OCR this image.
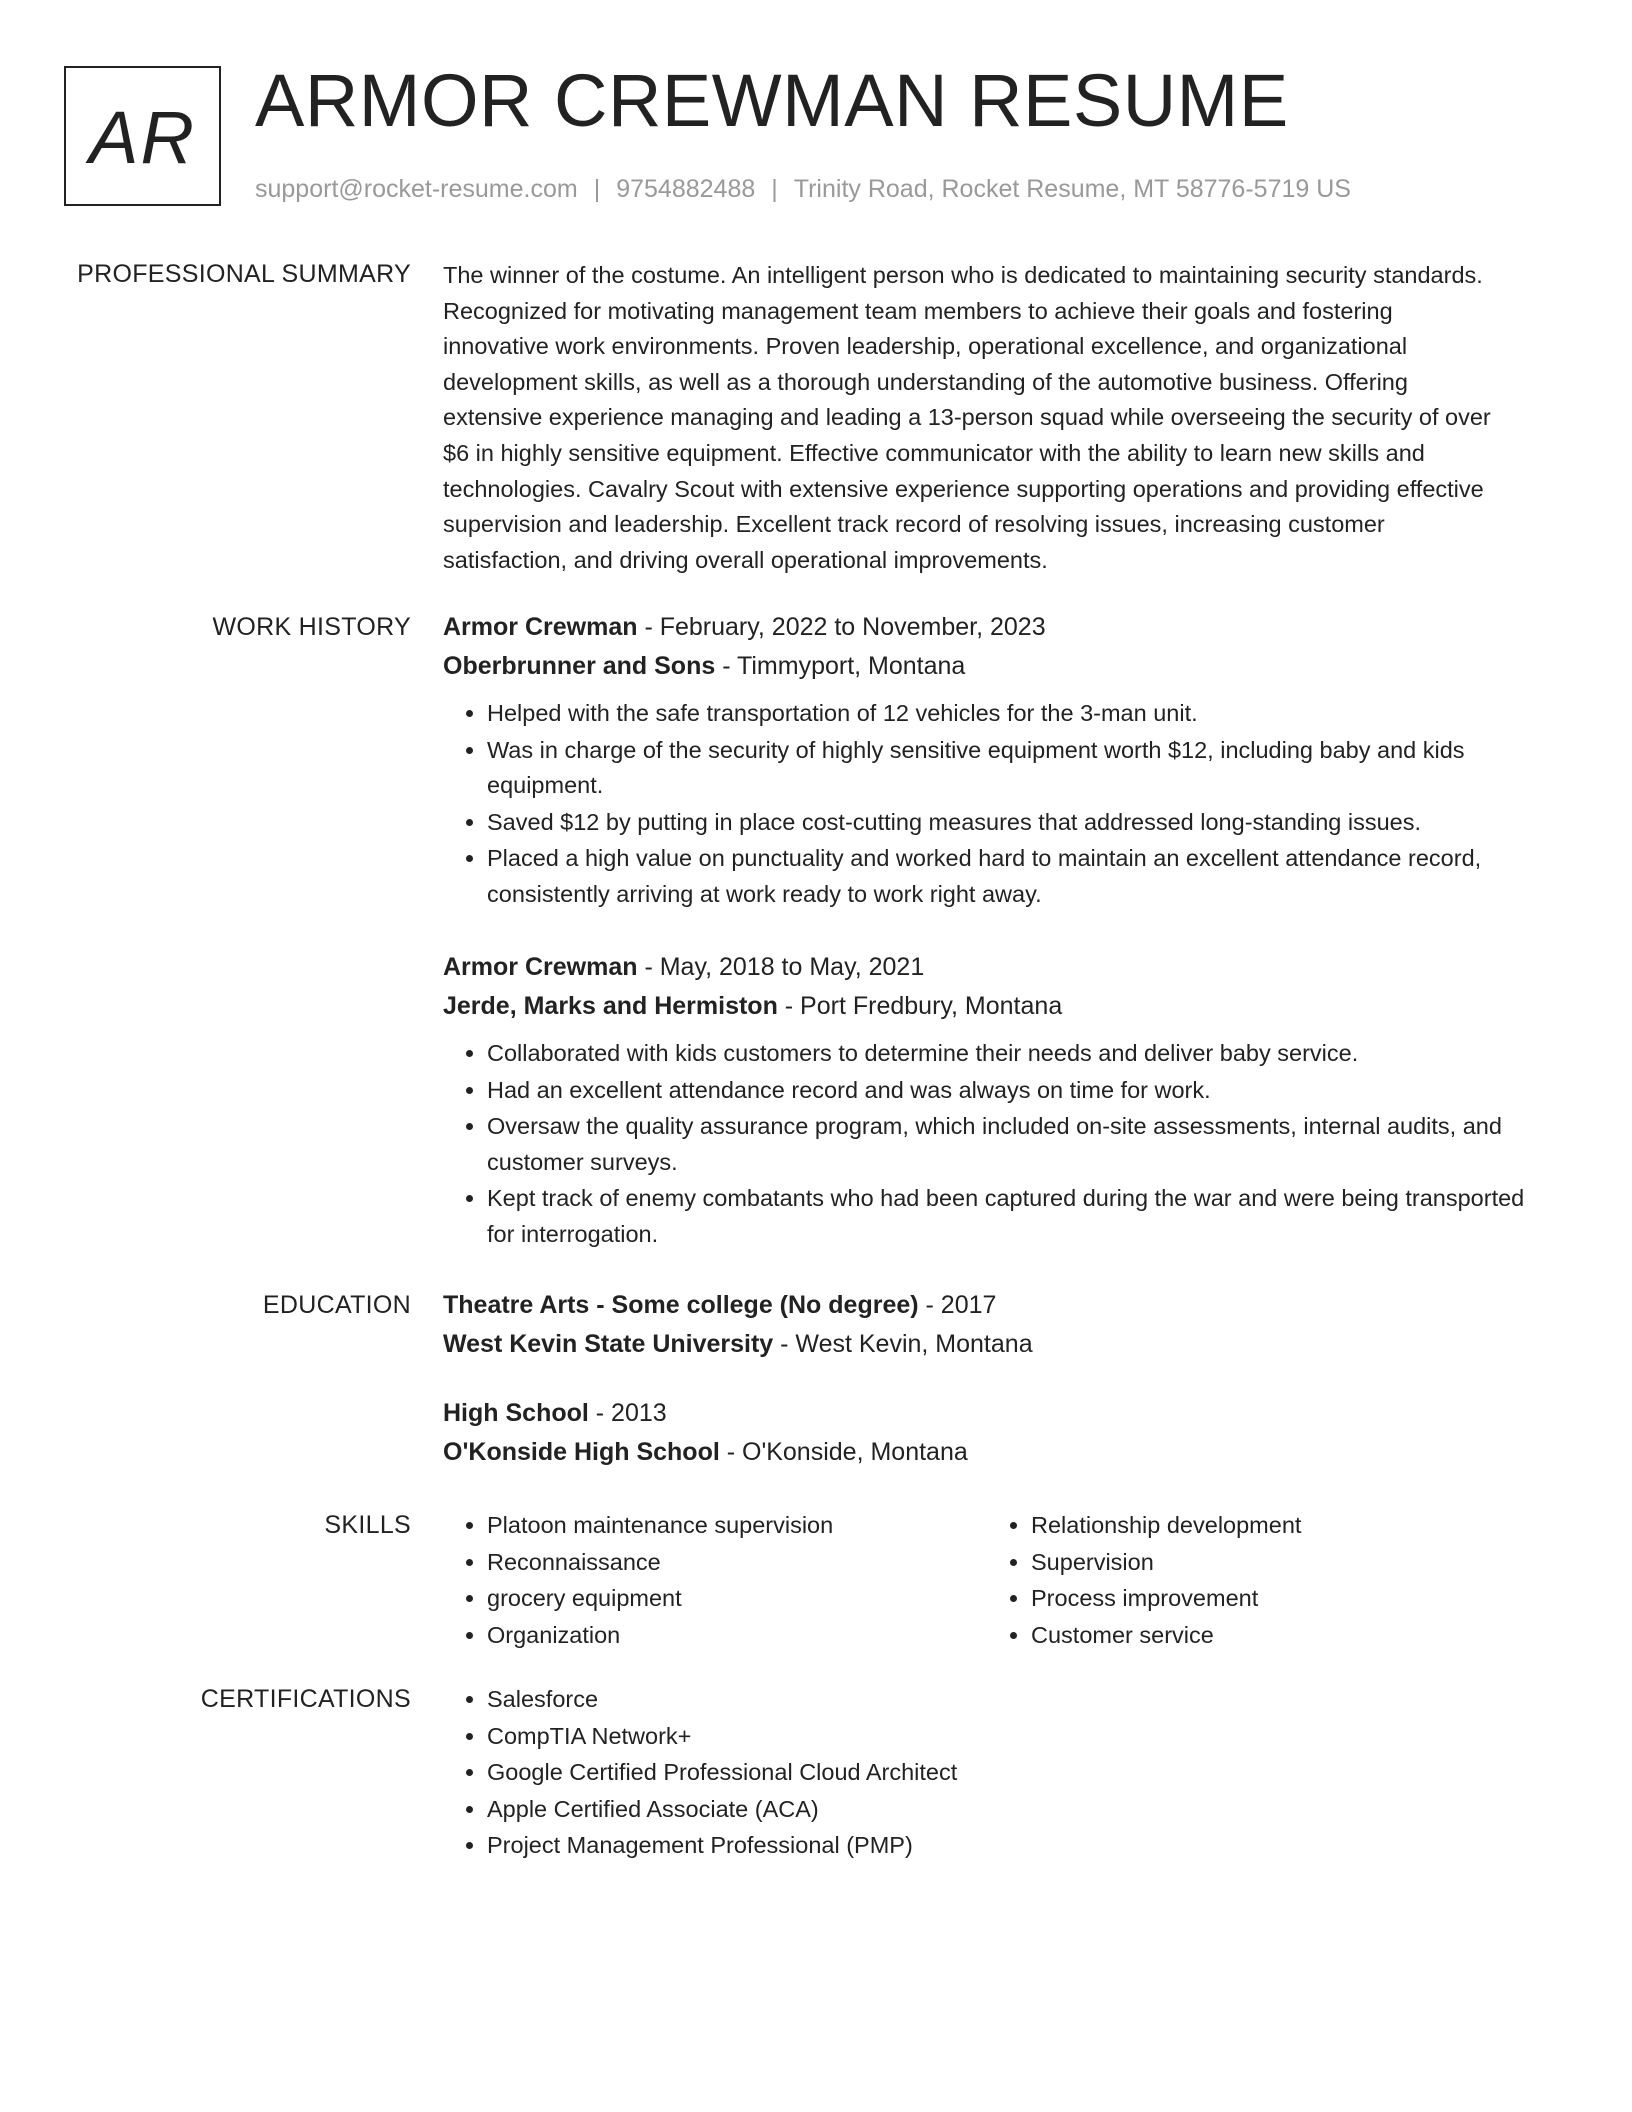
AR ARMOR CREWMAN RESUME
support@rocket-resume.com | 9754882488 | Trinity Road, Rocket Resume, MT 58776-5719 US
PROFESSIONAL SUMMARY The winner of the costume. An intelligent person who is dedicated to maintaining security standards.
Recognized for motivating management team members to achieve their goals and fostering
innovative work environments. Proven leadership, operational excellence, and organizational
development skills, as well as a thorough understanding of the automotive business. Offering
extensive experience managing and leading a 13-person squad while overseeing the security of over
$6 in highly sensitive equipment. Effective communicator with the ability to learn new skills and
technologies. Cavalry Scout with extensive experience supporting operations and providing effective
supervision and leadership. Excellent track record of resolving issues, increasing customer
satisfaction, and driving overall operational improvements.

WORK HISTORY Armor Crewman - February, 2022 to November, 2023

Oberbrunner and Sons - Timmyport, Montana

• Helped with the safe transportation of 12 vehicles for the 3-man unit.
• Was in charge of the security of highly sensitive equipment worth $12, including baby and kids equipment.
• Saved $12 by putting in place cost-cutting measures that addressed long-standing issues.
• Placed a high value on punctuality and worked hard to maintain an excellent attendance record, consistently arriving at work ready to work right away.

Armor Crewman - May, 2018 to May, 2021

Jerde, Marks and Hermiston - Port Fredbury, Montana

• Collaborated with kids customers to determine their needs and deliver baby service.
• Had an excellent attendance record and was always on time for work.
• Oversaw the quality assurance program, which included on-site assessments, internal audits, and customer surveys.
• Kept track of enemy combatants who had been captured during the war and were being transported for interrogation.
EDUCATION Theatre Arts - Some college (No degree) - 2017

West Kevin State University - West Kevin, Montana

High School - 2013

O'Konside High School - O'Konside, Montana

SKILLS	• Platoon maintenance supervision
• Reconnaissance
• grocery equipment
• Organization
• Relationship development
• Supervision
• Process improvement
• Customer service
CERTIFICATIONS	• Salesforce
• CompTIA Network+
• Google Certified Professional Cloud Architect
• Apple Certified Associate (ACA)
• Project Management Professional (PMP)
